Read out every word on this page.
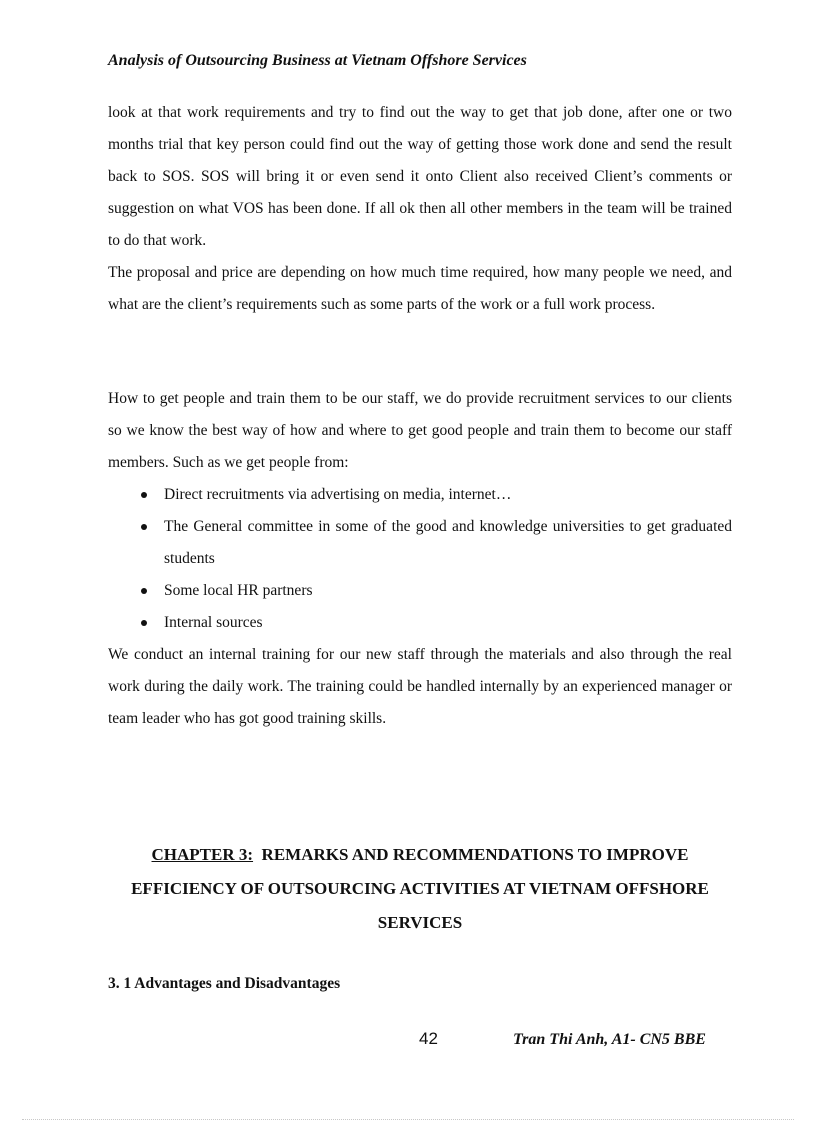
Analysis of Outsourcing Business at Vietnam Offshore Services

look at that work requirements and try to find out the way to get that job done, after one or two months trial that key person could find out the way of getting those work done and send the result back to SOS. SOS will bring it or even send it onto Client also received Client’s comments or suggestion on what VOS has been done. If all ok then all other members in the team will be trained to do that work.

The proposal and price are depending on how much time required, how many people we need, and what are the client’s requirements such as some parts of the work or a full work process.

How to get people and train them to be our staff, we do provide recruitment services to our clients so we know the best way of how and where to get good people and train them to become our staff members. Such as we get people from:

Direct recruitments via advertising on media, internet…
The General committee in some of the good and knowledge universities to get graduated students
Some local HR partners
Internal sources

We conduct an internal training for our new staff through the materials and also through the real work during the daily work. The training could be handled internally by an experienced manager or team leader who has got good training skills.

CHAPTER 3: REMARKS AND RECOMMENDATIONS TO IMPROVE EFFICIENCY OF OUTSOURCING ACTIVITIES AT VIETNAM OFFSHORE SERVICES
3. 1 Advantages and Disadvantages
42	Tran Thi Anh, A1- CN5 BBE
